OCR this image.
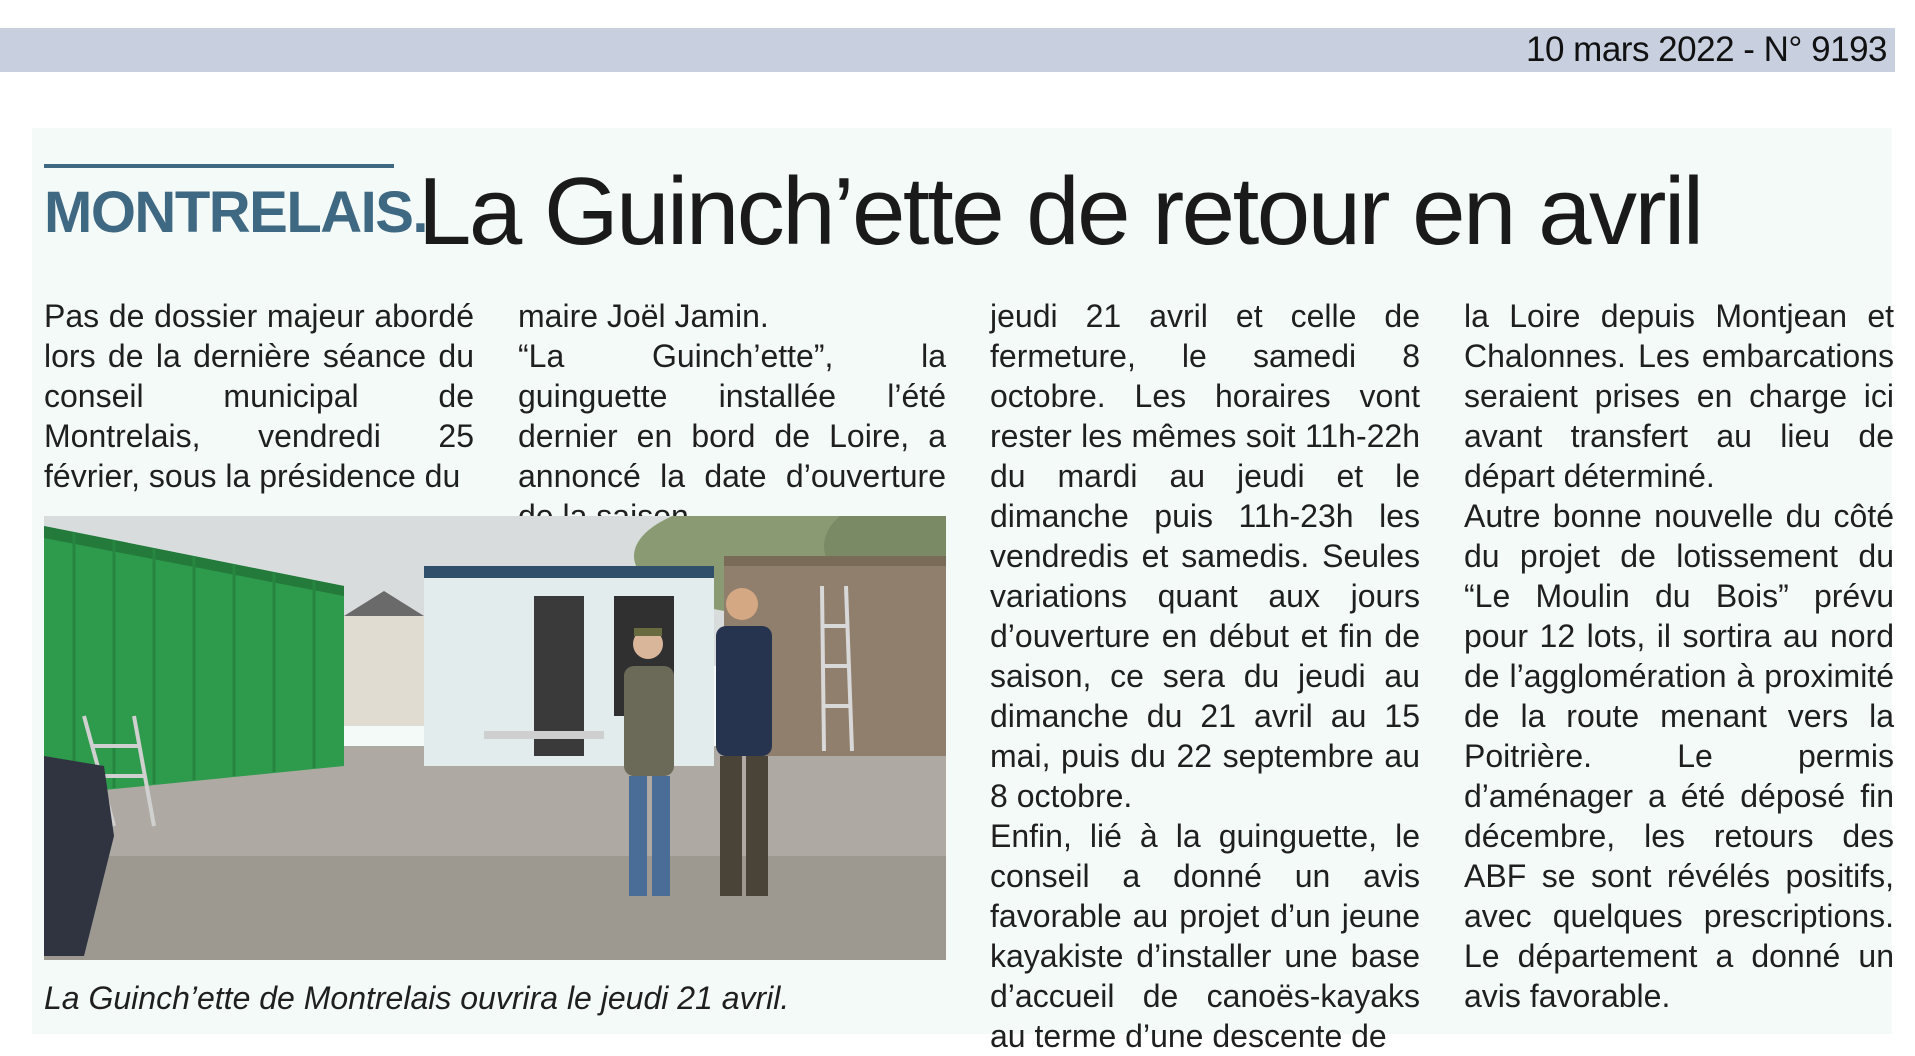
10 mars 2022 - N° 9193
MONTRELAIS.
La Guinch’ette de retour en avril

Pas de dossier majeur abordé lors de la dernière séance du conseil municipal de Montrelais, vendredi 25 février, sous la présidence du

maire Joël Jamin.

“La Guinch’ette”, la guinguette installée l’été dernier en bord de Loire, a annoncé la date d’ouverture

jeudi 21 avril et celle de fermeture, le samedi 8 octobre. Les horaires vont rester les mêmes soit 11h-22h du mardi au jeudi et le dimanche puis 11h-23h les vendredis et samedis. Seules variations quant aux jours d’ouverture en début et fin de saison, ce sera du jeudi au dimanche du 21 avril au 15 mai, puis du 22 septembre au 8 octobre.

Enfin, lié à la guinguette, le conseil a donné un avis favorable au projet d’un jeune kayakiste d’installer une base d’accueil de canoës-kayaks au terme d’une descente de

la Loire depuis Montjean et Chalonnes. Les embarcations seraient prises en charge ici avant transfert au lieu de départ déterminé.

Autre bonne nouvelle du côté du projet de lotissement du “Le Moulin du Bois” prévu pour 12 lots, il sortira au nord de l’agglomération à proximité de la route menant vers la Poitrière. Le permis d’aménager a été déposé fin décembre, les retours des ABF se sont révélés positifs, avec quelques prescriptions. Le département a donné un avis favorable.

La Guinch’ette de Montrelais ouvrira le jeudi 21 avril.
